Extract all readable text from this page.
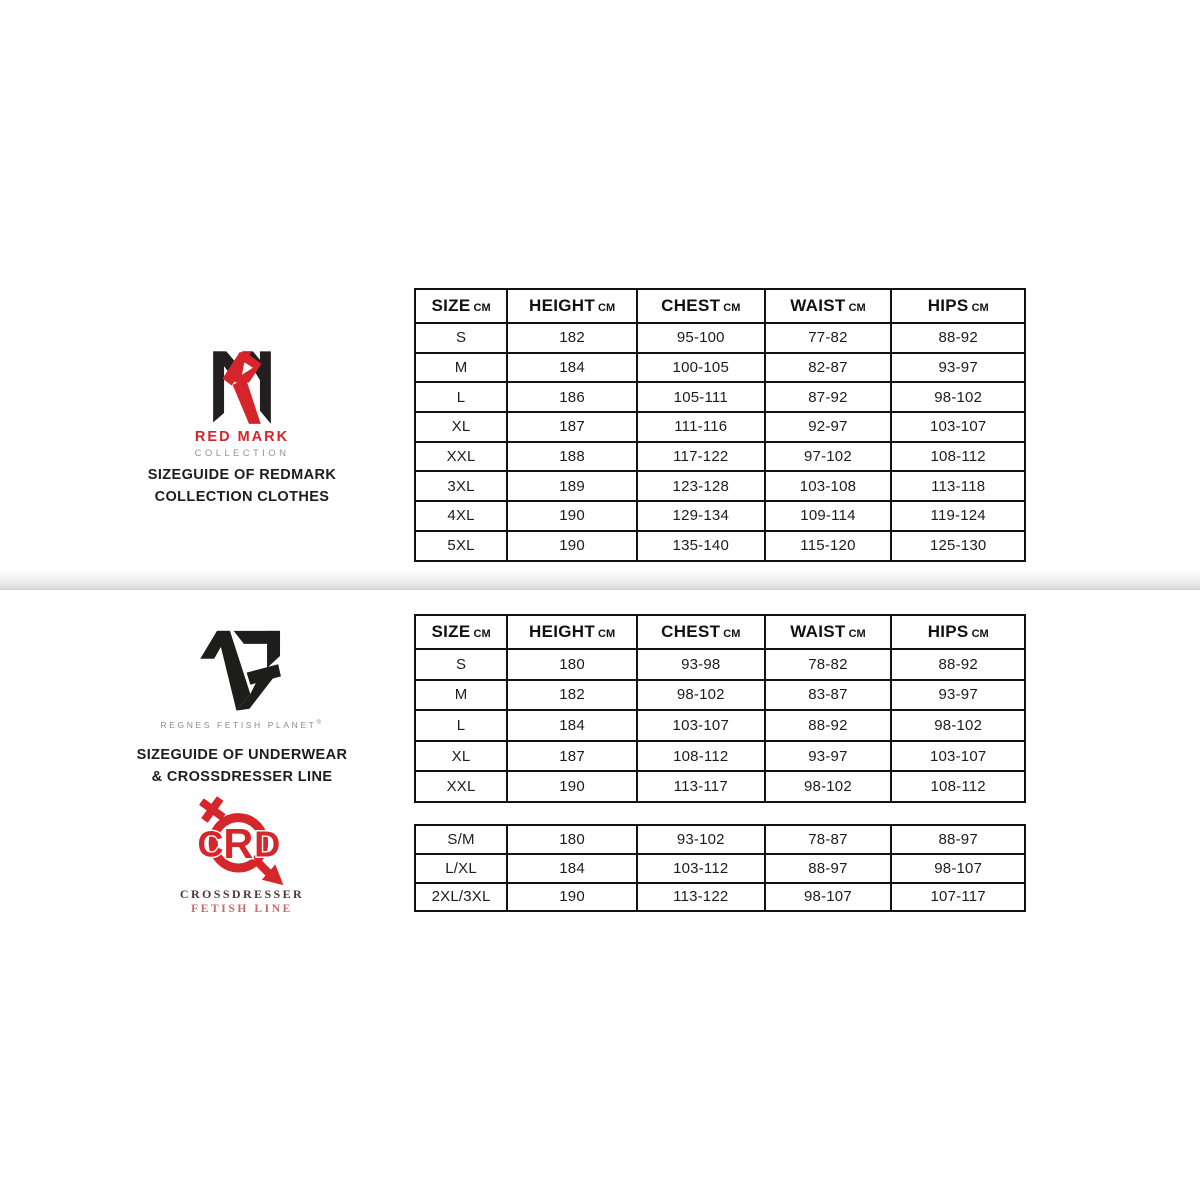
RED MARK
COLLECTION
SIZEGUIDE OF REDMARK
COLLECTION CLOTHES
REGNES FETISH PLANET®
SIZEGUIDE OF UNDERWEAR
& CROSSDRESSER LINE
C R D
CROSSDRESSER
FETISH LINE
SIZE CM	HEIGHT CM	CHEST CM	WAIST CM	HIPS CM
S	182	95-100	77-82	88-92
M	184	100-105	82-87	93-97
L	186	105-111	87-92	98-102
XL	187	111-116	92-97	103-107
XXL	188	117-122	97-102	108-112
3XL	189	123-128	103-108	113-118
4XL	190	129-134	109-114	119-124
5XL	190	135-140	115-120	125-130
SIZE CM	HEIGHT CM	CHEST CM	WAIST CM	HIPS CM
S	180	93-98	78-82	88-92
M	182	98-102	83-87	93-97
L	184	103-107	88-92	98-102
XL	187	108-112	93-97	103-107
XXL	190	113-117	98-102	108-112
S/M	180	93-102	78-87	88-97
L/XL	184	103-112	88-97	98-107
2XL/3XL	190	113-122	98-107	107-117
